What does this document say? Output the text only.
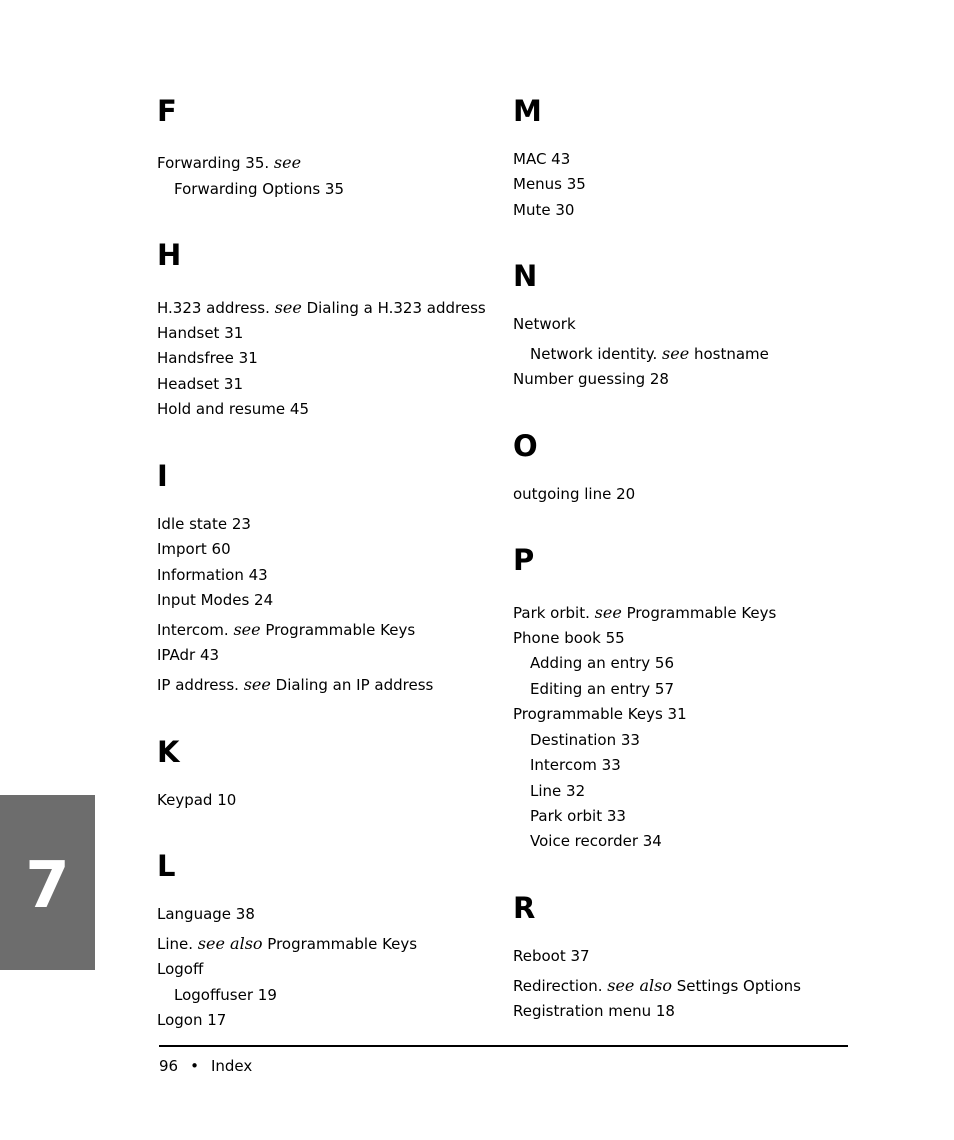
F
Forwarding 35. see
Forwarding Options 35
H
H.323 address. see Dialing a H.323 address
Handset 31
Handsfree 31
Headset 31
Hold and resume 45
I
Idle state 23
Import 60
Information 43
Input Modes 24
Intercom. see Programmable Keys
IPAdr 43
IP address. see Dialing an IP address
K
Keypad 10
L
Language 38
Line. see also Programmable Keys
Logoff
Logoffuser 19
Logon 17
M
MAC 43
Menus 35
Mute 30
N
Network
Network identity. see hostname
Number guessing 28
O
outgoing line 20
P
Park orbit. see Programmable Keys
Phone book 55
Adding an entry 56
Editing an entry 57
Programmable Keys 31
Destination 33
Intercom 33
Line 32
Park orbit 33
Voice recorder 34
R
Reboot 37
Redirection. see also Settings Options
Registration menu 18
7
96 • Index
